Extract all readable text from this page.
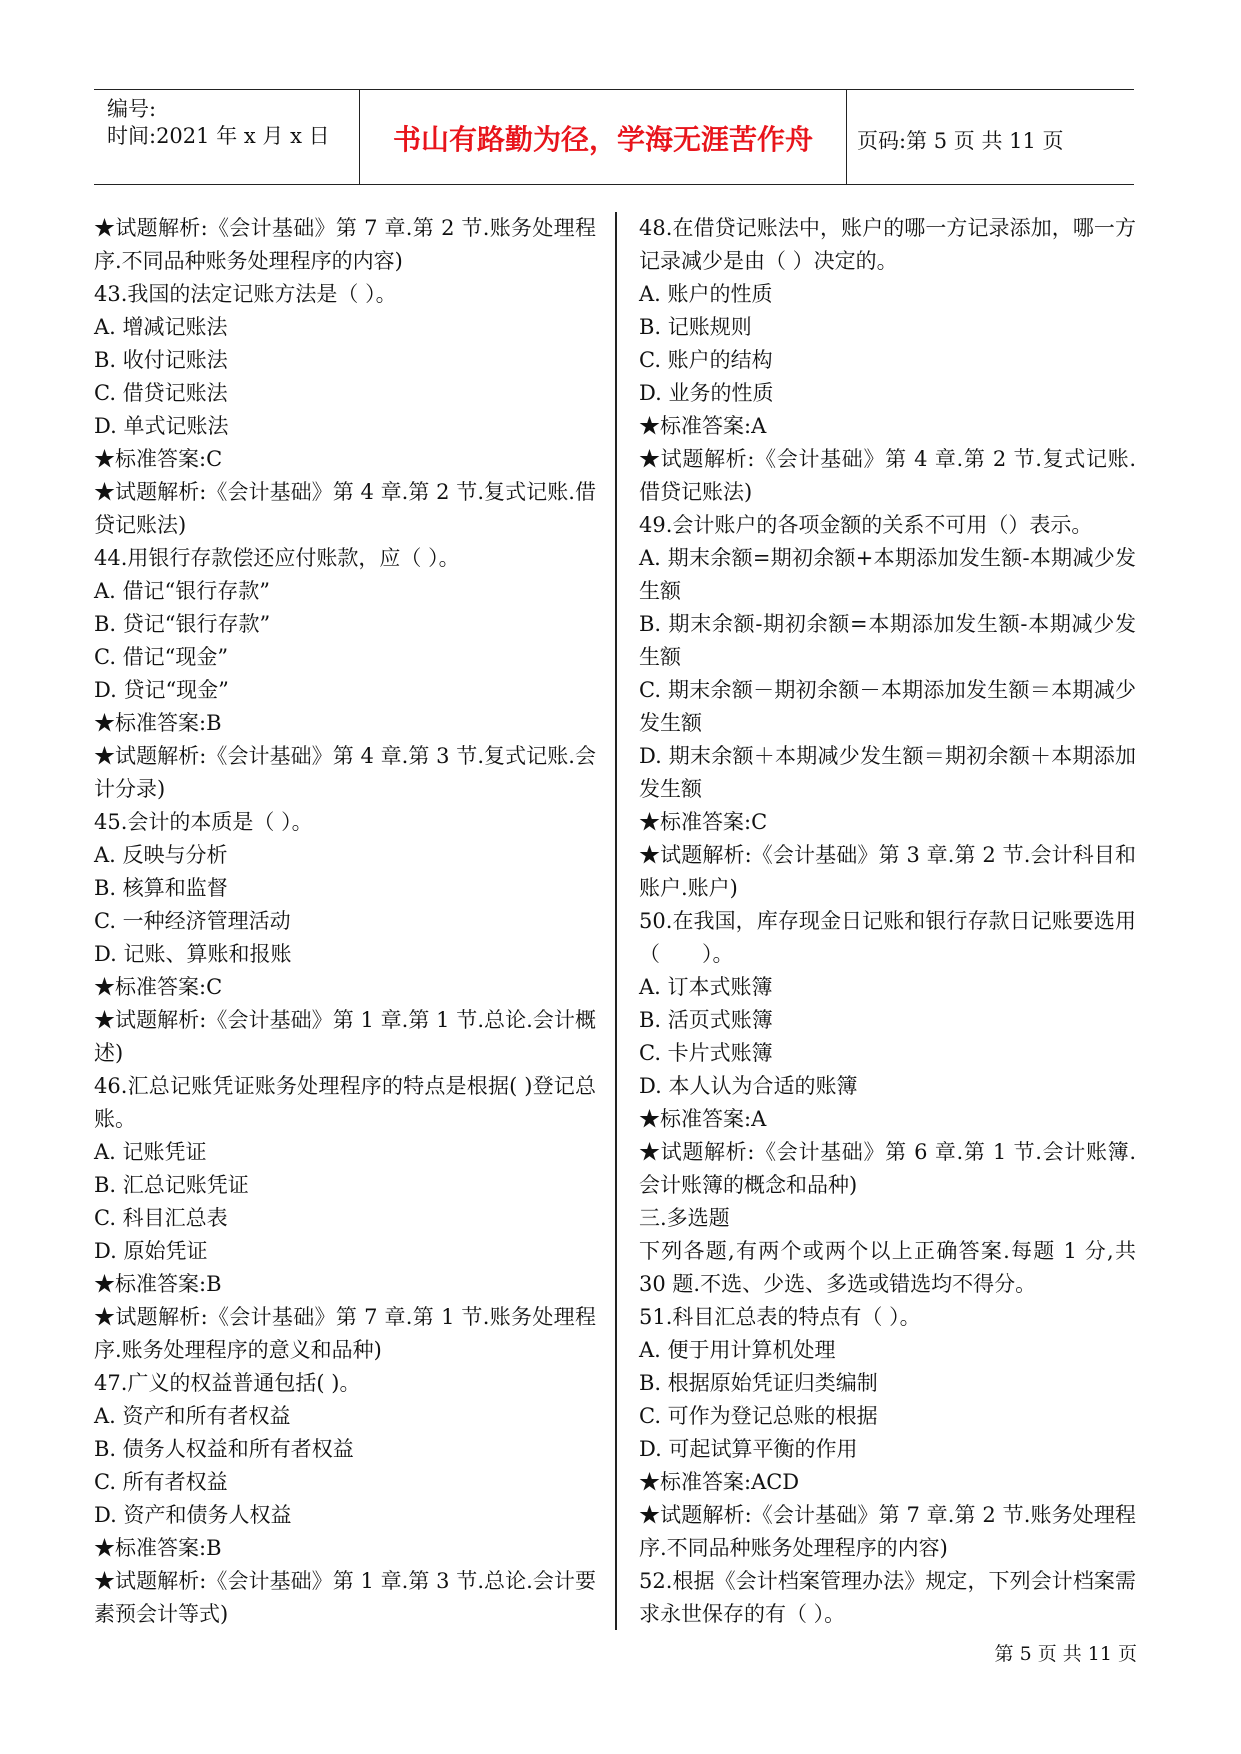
编号:
时间:2021 年 x 月 x 日	书山有路勤为径，学海无涯苦作舟	页码:第 5 页 共 11 页

★试题解析:《会计基础》第 7 章.第 2 节.账务处理程序.不同品种账务处理程序的内容)

43.我国的法定记账方法是（ ）。

A. 增减记账法

B. 收付记账法

C. 借贷记账法

D. 单式记账法

★标准答案:C

★试题解析:《会计基础》第 4 章.第 2 节.复式记账.借贷记账法)

44.用银行存款偿还应付账款，应（ ）。

A. 借记“银行存款”

B. 贷记“银行存款”

C. 借记“现金”

D. 贷记“现金”

★标准答案:B

★试题解析:《会计基础》第 4 章.第 3 节.复式记账.会计分录)

45.会计的本质是（ ）。

A. 反映与分析

B. 核算和监督

C. 一种经济管理活动

D. 记账、算账和报账

★标准答案:C

★试题解析:《会计基础》第 1 章.第 1 节.总论.会计概述)

46.汇总记账凭证账务处理程序的特点是根据( )登记总账。

A. 记账凭证

B. 汇总记账凭证

C. 科目汇总表

D. 原始凭证

★标准答案:B

★试题解析:《会计基础》第 7 章.第 1 节.账务处理程序.账务处理程序的意义和品种)

47.广义的权益普通包括( )。

A. 资产和所有者权益

B. 债务人权益和所有者权益

C. 所有者权益

D. 资产和债务人权益

★标准答案:B

★试题解析:《会计基础》第 1 章.第 3 节.总论.会计要素预会计等式)

48.在借贷记账法中，账户的哪一方记录添加，哪一方记录减少是由（ ）决定的。

A. 账户的性质

B. 记账规则

C. 账户的结构

D. 业务的性质

★标准答案:A

★试题解析:《会计基础》第 4 章.第 2 节.复式记账.借贷记账法)

49.会计账户的各项金额的关系不可用（）表示。

A. 期末余额=期初余额+本期添加发生额-本期减少发生额

B. 期末余额-期初余额=本期添加发生额-本期减少发生额

C. 期末余额－期初余额－本期添加发生额＝本期减少发生额

D. 期末余额＋本期减少发生额＝期初余额＋本期添加发生额

★标准答案:C

★试题解析:《会计基础》第 3 章.第 2 节.会计科目和账户.账户)

50.在我国，库存现金日记账和银行存款日记账要选用（　　）。

A. 订本式账簿

B. 活页式账簿

C. 卡片式账簿

D. 本人认为合适的账簿

★标准答案:A

★试题解析:《会计基础》第 6 章.第 1 节.会计账簿.会计账簿的概念和品种)

三.多选题

下列各题,有两个或两个以上正确答案.每题 1 分,共 30 题.不选、少选、多选或错选均不得分。

51.科目汇总表的特点有（ ）。

A. 便于用计算机处理

B. 根据原始凭证归类编制

C. 可作为登记总账的根据

D. 可起试算平衡的作用

★标准答案:ACD

★试题解析:《会计基础》第 7 章.第 2 节.账务处理程序.不同品种账务处理程序的内容)

52.根据《会计档案管理办法》规定，下列会计档案需求永世保存的有（ ）。

第 5 页 共 11 页
